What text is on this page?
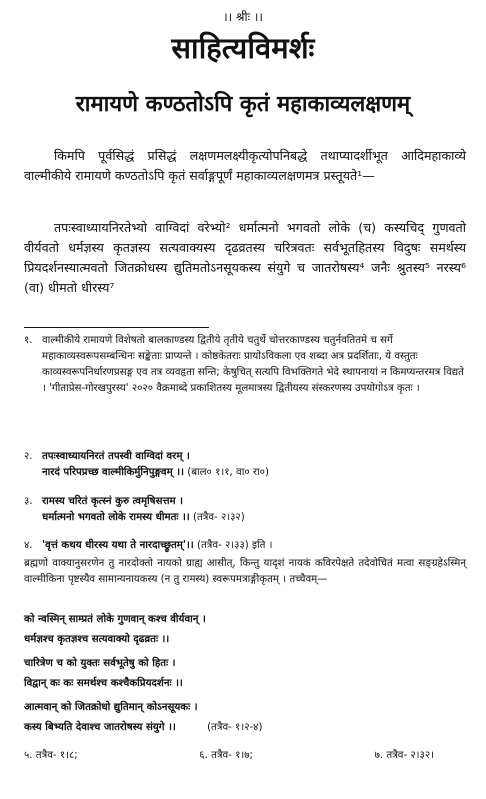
।। श्रीः ।।
साहित्यविमर्शः
रामायणे कण्ठतोऽपि कृतं महाकाव्यलक्षणम्
किमपि पूर्वसिद्धं प्रसिद्धं लक्षणमलक्ष्यीकृत्योपनिबद्धे तथाप्यादर्शीभूत आदिमहाकाव्ये वाल्मीकीये रामायणे कण्ठतोऽपि कृतं सर्वाङ्गपूर्णं महाकाव्यलक्षणमत्र प्रस्तूयते¹—
तपःस्वाध्यायनिरतेभ्यो वाग्विदां वरेभ्यो² धर्मात्मनो भगवतो लोके (च) कस्यचिद् गुणवतो वीर्यवतो धर्मज्ञस्य कृतज्ञस्य सत्यवाक्यस्य दृढव्रतस्य चरित्रवतः सर्वभूतहितस्य विदुषः समर्थस्य प्रियदर्शनस्यात्मवतो जितक्रोधस्य द्युतिमतोऽनसूयकस्य संयुगे च जातरोषस्य⁴ जनैः श्रुतस्य⁵ नरस्य⁶ (वा) धीमतो धीरस्य⁷
१. वाल्मीकीये रामायणे विशेषतो बालकाण्डस्य द्वितीये तृतीये चतुर्थे चोत्तरकाण्डस्य चतुर्नवतितमे च सर्गे महाकाव्यस्वरूपसम्बन्धिनः सङ्केताः प्राप्यन्ते । कोष्ठकेतराः प्रायोऽविकला एव शब्दा अत्र प्रदर्शिताः, ये वस्तुतः काव्यस्वरूपनिर्धारणप्रसङ्ग एव तत्र व्यवहृता सन्ति; केषुचित् सत्यपि विभक्तिगते भेदे स्थापनायां न किमप्यन्तरमत्र विद्यते । 'गीताप्रेस-गोरखपुरस्य' २०२० वैक्रमाब्दे प्रकाशितस्य मूलमात्रस्य द्वितीयस्य संस्करणस्य उपयोगोऽत्र कृतः ।
२. तपःस्वाध्यायनिरतं तपस्वी वाग्विदां वरम् ।
नारदं परिपप्रच्छ वाल्मीकिर्मुनिपुङ्गवम् ।। (बाल० १।१, वा० रा०)
३. रामस्य चरितं कृत्स्नं कुरु त्वमृषिसत्तम ।
धर्मात्मनो भगवतो लोके रामस्य धीमतः ।। (तत्रैव- २।३२)
४. 'वृत्तं कथय धीरस्य यथा ते नारदाच्छ्रुतम्'।। (तत्रैव- २।३३) इति ।
ब्रह्मणो वाक्यानुसरणेन तु नारदोक्तो नायको ग्राह्य आसीत्, किन्तु यादृशं नायकं कविरपेक्षते तदेवोचितं मत्वा सङ्ग्रहेऽस्मिन् वाल्मीकिना पृष्टस्यैव सामान्यनायकस्य (न तु रामस्य) स्वरूपमत्राङ्गीकृतम् । तच्चैवम्—
को न्वस्मिन् साम्प्रतं लोके गुणवान् कश्च वीर्यवान् ।
धर्मज्ञश्च कृतज्ञश्च सत्यवाक्यो दृढव्रतः ।।
चारित्रेण च को युक्तः सर्वभूतेषु को हितः ।
विद्वान् कः कः समर्थश्च कश्चैकप्रियदर्शनः ।।
आत्मवान् को जितक्रोधो द्युतिमान् कोऽनसूयकः ।
कस्य बिभ्यति देवाश्च जातरोषस्य संयुगे ।।	(तत्रैव- १।२-४)
५. तत्रैव- १।८;	६. तत्रैव- १।७;	७. तत्रैव- २।३२।
